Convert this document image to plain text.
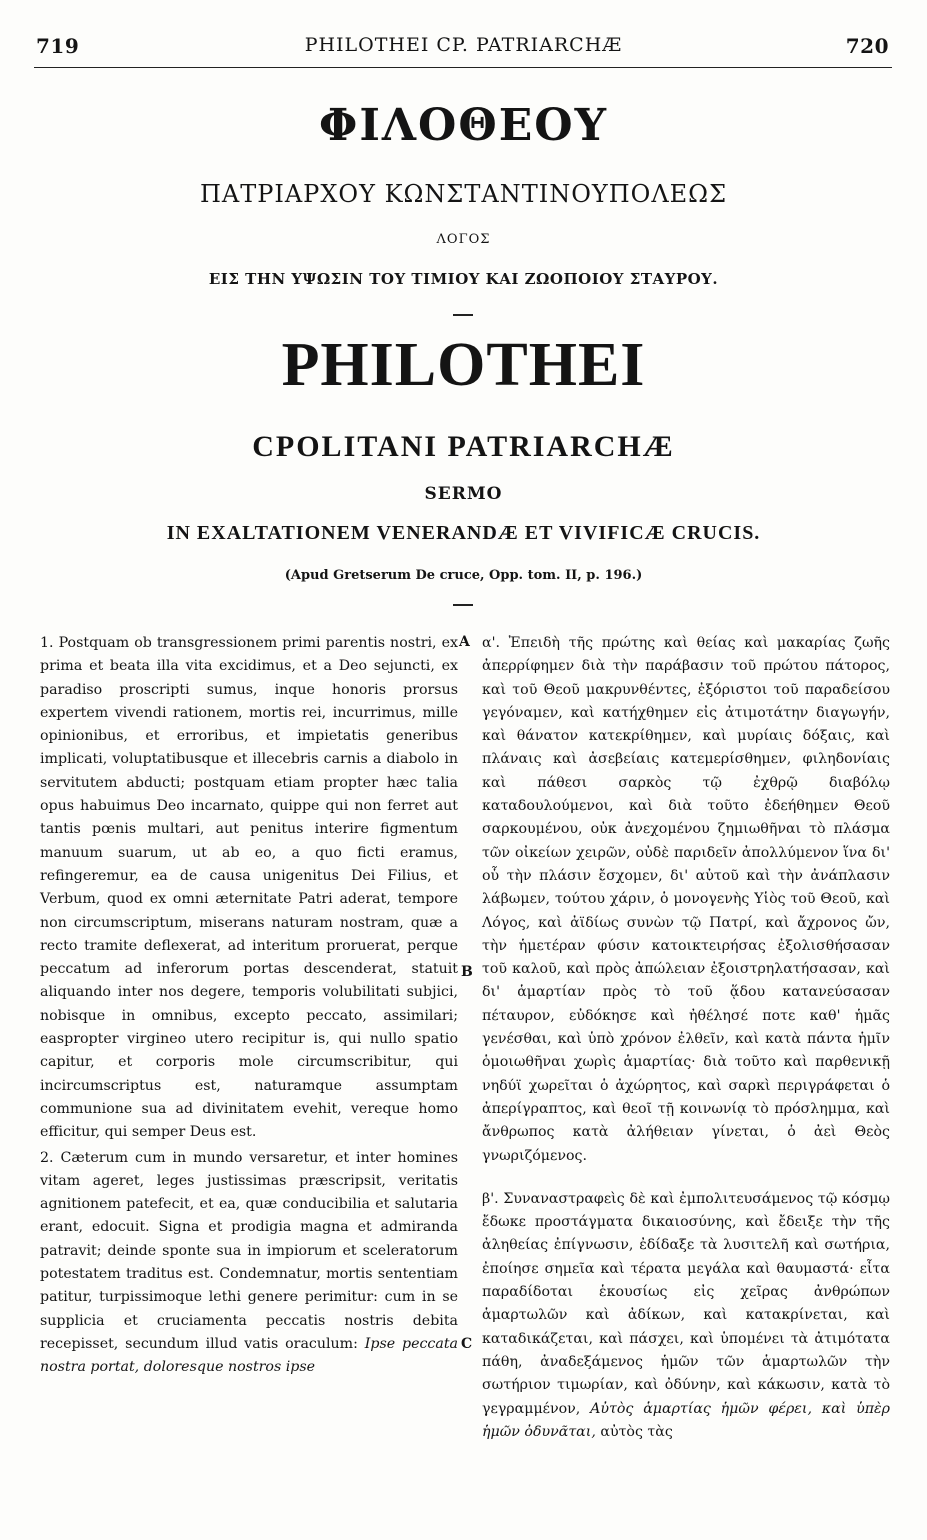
719	PHILOTHEI CP. PATRIARCHÆ	720
ΦΙΛΟΘΕΟΥ
ΠΑΤΡΙΑΡΧΟΥ ΚΩΝΣΤΑΝΤΙΝΟΥΠΟΛΕΩΣ
ΛΟΓΟΣ
ΕΙΣ ΤΗΝ ΥΨΩΣΙΝ ΤΟΥ ΤΙΜΙΟΥ ΚΑΙ ΖΩΟΠΟΙΟΥ ΣΤΑΥΡΟΥ.
PHILOTHEI
CPOLITANI PATRIARCHÆ
SERMO
IN EXALTATIONEM VENERANDÆ ET VIVIFICÆ CRUCIS.
(Apud Gretserum De cruce, Opp. tom. II, p. 196.)

1. Postquam ob transgressionem primi parentis nostri, ex prima et beata illa vita excidimus, et a Deo sejuncti, ex paradiso proscripti sumus, inque honoris prorsus expertem vivendi rationem, mortis rei, incurrimus, mille opinionibus, et erroribus, et impietatis generibus implicati, voluptatibusque et illecebris carnis a diabolo in servitutem abducti; postquam etiam propter hæc talia opus habuimus Deo incarnato, quippe qui non ferret aut tantis pœnis multari, aut penitus interire figmentum manuum suarum, ut ab eo, a quo ficti eramus, refingeremur, ea de causa unigenitus Dei Filius, et Verbum, quod ex omni æternitate Patri aderat, tempore non circumscriptum, miserans naturam nostram, quæ a recto tramite deflexerat, ad interitum proruerat, perque peccatum ad inferorum portas descenderat, statuit aliquando inter nos degere, temporis volubilitati subjici, nobisque in omnibus, excepto peccato, assimilari; easpropter virgineo utero recipitur is, qui nullo spatio capitur, et corporis mole circumscribitur, qui incircumscriptus est, naturamque assumptam communione sua ad divinitatem evehit, vereque homo efficitur, qui semper Deus est.

2. Cæterum cum in mundo versaretur, et inter homines vitam ageret, leges justissimas præscripsit, veritatis agnitionem patefecit, et ea, quæ conducibilia et salutaria erant, edocuit. Signa et prodigia magna et admiranda patravit; deinde sponte sua in impiorum et sceleratorum potestatem traditus est. Condemnatur, mortis sententiam patitur, turpissimoque lethi genere perimitur: cum in se supplicia et cruciamenta peccatis nostris debita recepisset, secundum illud vatis oraculum: Ipse peccata nostra portat, doloresque nostros ipse

A
B
C

α'. Ἐπειδὴ τῆς πρώτης καὶ θείας καὶ μακαρίας ζωῆς ἀπερρίφημεν διὰ τὴν παράβασιν τοῦ πρώτου πάτορος, καὶ τοῦ Θεοῦ μακρυνθέντες, ἐξόριστοι τοῦ παραδείσου γεγόναμεν, καὶ κατήχθημεν εἰς ἀτιμοτάτην διαγωγήν, καὶ θάνατον κατεκρίθημεν, καὶ μυρίαις δόξαις, καὶ πλάναις καὶ ἀσεβείαις κατεμερίσθημεν, φιληδονίαις καὶ πάθεσι σαρκὸς τῷ ἐχθρῷ διαβόλῳ καταδουλούμενοι, καὶ διὰ τοῦτο ἐδεήθημεν Θεοῦ σαρκουμένου, οὐκ ἀνεχομένου ζημιωθῆναι τὸ πλάσμα τῶν οἰκείων χειρῶν, οὐδὲ παριδεῖν ἀπολλύμενον ἵνα δι' οὗ τὴν πλάσιν ἔσχομεν, δι' αὐτοῦ καὶ τὴν ἀνάπλασιν λάβωμεν, τούτου χάριν, ὁ μονογενὴς Υἱὸς τοῦ Θεοῦ, καὶ Λόγος, καὶ ἀϊδίως συνὼν τῷ Πατρί, καὶ ἄχρονος ὤν, τὴν ἡμετέραν φύσιν κατοικτειρήσας ἐξολισθήσασαν τοῦ καλοῦ, καὶ πρὸς ἀπώλειαν ἐξοιστρηλατήσασαν, καὶ δι' ἁμαρτίαν πρὸς τὸ τοῦ ᾅδου κατανεύσασαν πέταυρον, εὐδόκησε καὶ ἠθέλησέ ποτε καθ' ἡμᾶς γενέσθαι, καὶ ὑπὸ χρόνον ἐλθεῖν, καὶ κατὰ πάντα ἡμῖν ὁμοιωθῆναι χωρὶς ἁμαρτίας· διὰ τοῦτο καὶ παρθενικῇ νηδύϊ χωρεῖται ὁ ἀχώρητος, καὶ σαρκὶ περιγράφεται ὁ ἀπερίγραπτος, καὶ θεοῖ τῇ κοινωνίᾳ τὸ πρόσλημμα, καὶ ἄνθρωπος κατὰ ἀλήθειαν γίνεται, ὁ ἀεὶ Θεὸς γνωριζόμενος.

β'. Συναναστραφεὶς δὲ καὶ ἐμπολιτευσάμενος τῷ κόσμῳ ἔδωκε προστάγματα δικαιοσύνης, καὶ ἔδειξε τὴν τῆς ἀληθείας ἐπίγνωσιν, ἐδίδαξε τὰ λυσιτελῆ καὶ σωτήρια, ἐποίησε σημεῖα καὶ τέρατα μεγάλα καὶ θαυμαστά· εἶτα παραδίδοται ἑκουσίως εἰς χεῖρας ἀνθρώπων ἁμαρτωλῶν καὶ ἀδίκων, καὶ κατακρίνεται, καὶ καταδικάζεται, καὶ πάσχει, καὶ ὑπομένει τὰ ἀτιμότατα πάθη, ἀναδεξάμενος ἡμῶν τῶν ἁμαρτωλῶν τὴν σωτήριον τιμωρίαν, καὶ ὀδύνην, καὶ κάκωσιν, κατὰ τὸ γεγραμμένον, Αὐτὸς ἁμαρτίας ἡμῶν φέρει, καὶ ὑπὲρ ἡμῶν ὀδυνᾶται, αὐτὸς τὰς
